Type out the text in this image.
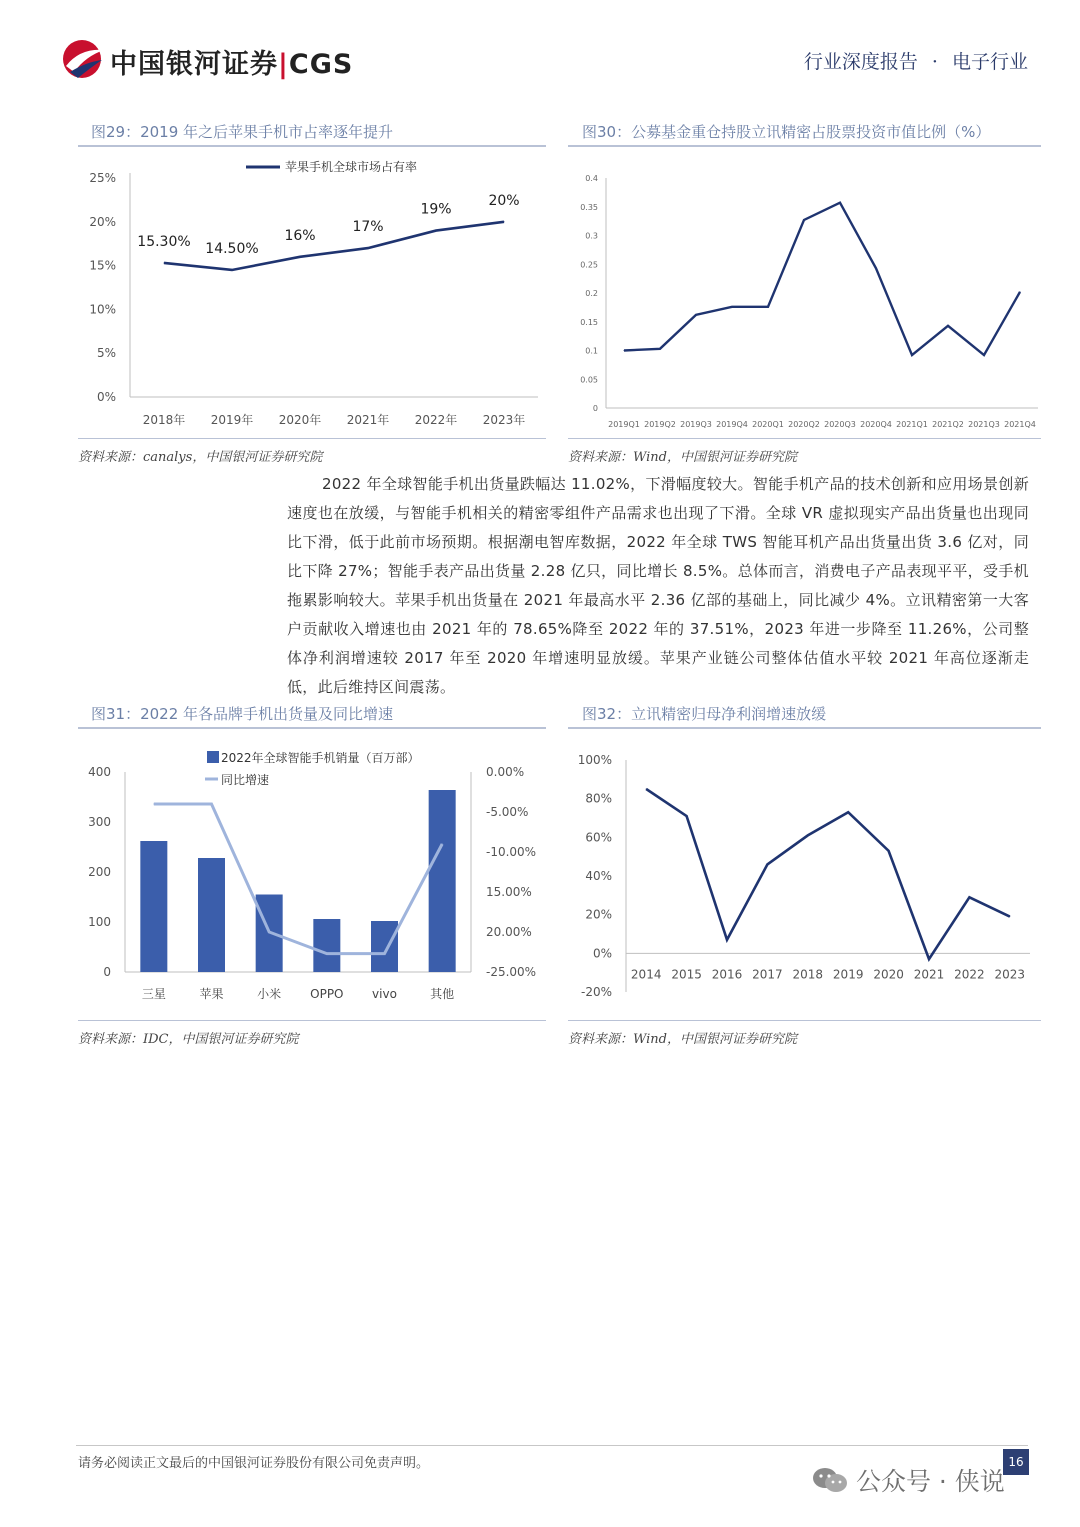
中国银河证券|CGS	行业深度报告 · 电子行业
图29：2019 年之后苹果手机市占率逐年提升
0%
5%
10%
15%
20%
25%
2018年 2019年 2020年 2021年 2022年 2023年
苹果手机全球市场占有率
15.30% 14.50%
16%
17%
19%
20%
资料来源：canalys，中国银河证券研究院
图30：公募基金重仓持股立讯精密占股票投资市值比例（%）
0
0.05
0.1
0.15
0.2
0.25
0.3
0.35
0.4
2019Q1 2019Q2 2019Q3 2019Q4 2020Q1 2020Q2 2020Q3 2020Q4 2021Q1 2021Q2 2021Q3 2021Q4
资料来源：Wind，中国银河证券研究院

2022 年全球智能手机出货量跌幅达 11.02%，下滑幅度较大。智能手机产品的技术创新和应用场景创新速度也在放缓，与智能手机相关的精密零组件产品需求也出现了下滑。全球 VR 虚拟现实产品出货量也出现同比下滑，低于此前市场预期。根据潮电智库数据，2022 年全球 TWS 智能耳机产品出货量出货 3.6 亿对，同比下降 27%；智能手表产品出货量 2.28 亿只，同比增长 8.5%。总体而言，消费电子产品表现平平，受手机拖累影响较大。苹果手机出货量在 2021 年最高水平 2.36 亿部的基础上，同比减少 4%。立讯精密第一大客户贡献收入增速也由 2021 年的 78.65%降至 2022 年的 37.51%，2023 年进一步降至 11.26%，公司整体净利润增速较 2017 年至 2020 年增速明显放缓。苹果产业链公司整体估值水平较 2021 年高位逐渐走低，此后维持区间震荡。

图31：2022 年各品牌手机出货量及同比增速
0
100
200
300
400	0.00%
-5.00%
-10.00%
15.00%
20.00%
-25.00%
三星	苹果	小米 OPPO vivo	其他
2022年全球智能手机销量（百万部）
同比增速
资料来源：IDC，中国银河证券研究院
图32：立讯精密归母净利润增速放缓
-20%
0%
20%
40%
60%
80%
100%
2014 2015 2016 2017 2018 2019 2020 2021 2022 2023
资料来源：Wind，中国银河证券研究院
请务必阅读正文最后的中国银河证券股份有限公司免责声明。	16
公众号 · 侠说
